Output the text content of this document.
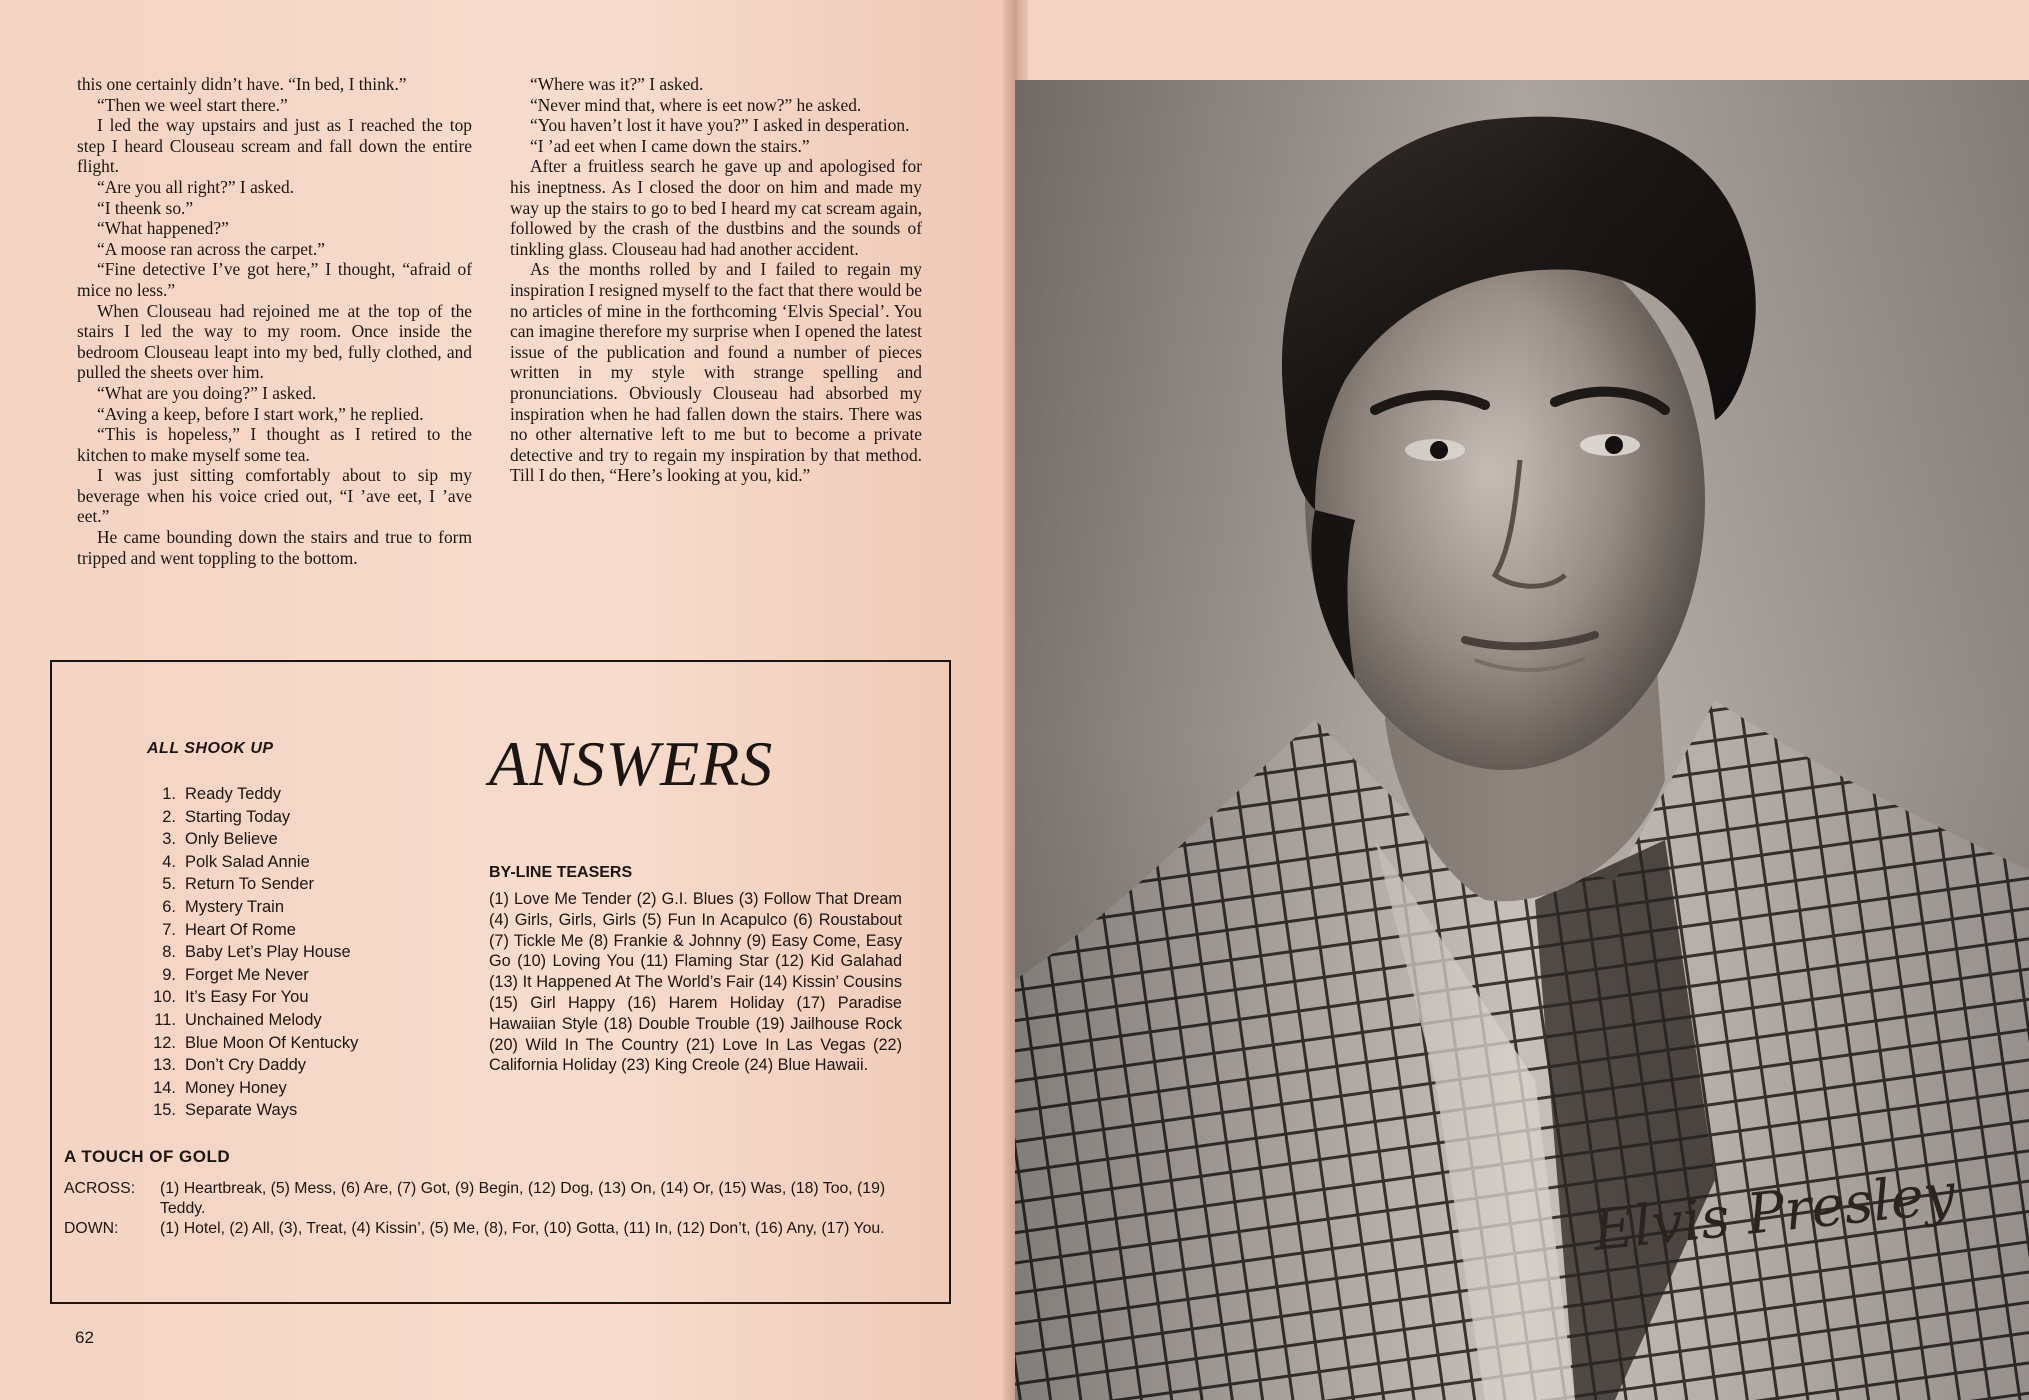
this one certainly didn’t have. “In bed, I think.”

“Then we weel start there.”

I led the way upstairs and just as I reached the top step I heard Clouseau scream and fall down the entire flight.

“Are you all right?” I asked.

“I theenk so.”

“What happened?”

“A moose ran across the carpet.”

“Fine detective I’ve got here,” I thought, “afraid of mice no less.”

When Clouseau had rejoined me at the top of the stairs I led the way to my room. Once inside the bedroom Clouseau leapt into my bed, fully clothed, and pulled the sheets over him.

“What are you doing?” I asked.

“Aving a keep, before I start work,” he replied.

“This is hopeless,” I thought as I retired to the kitchen to make myself some tea.

I was just sitting comfortably about to sip my beverage when his voice cried out, “I ’ave eet, I ’ave eet.”

He came bounding down the stairs and true to form tripped and went toppling to the bottom.

“Where was it?” I asked.

“Never mind that, where is eet now?” he asked.

“You haven’t lost it have you?” I asked in desperation.

“I ’ad eet when I came down the stairs.”

After a fruitless search he gave up and apologised for his ineptness. As I closed the door on him and made my way up the stairs to go to bed I heard my cat scream again, followed by the crash of the dustbins and the sounds of tinkling glass. Clouseau had had another accident.

As the months rolled by and I failed to regain my inspiration I resigned myself to the fact that there would be no articles of mine in the forthcoming ‘Elvis Special’. You can imagine therefore my surprise when I opened the latest issue of the publication and found a number of pieces written in my style with strange spelling and pronunciations. Obviously Clouseau had absorbed my inspiration when he had fallen down the stairs. There was no other alternative left to me but to become a private detective and try to regain my inspiration by that method. Till I do then, “Here’s looking at you, kid.”

ALL SHOOK UP
1. Ready Teddy
2. Starting Today
3. Only Believe
4. Polk Salad Annie
5. Return To Sender
6. Mystery Train
7. Heart Of Rome
8. Baby Let’s Play House
9. Forget Me Never
10. It’s Easy For You
11. Unchained Melody
12. Blue Moon Of Kentucky
13. Don’t Cry Daddy
14. Money Honey
15. Separate Ways
ANSWERS
BY-LINE TEASERS
(1) Love Me Tender (2) G.I. Blues (3) Follow That Dream (4) Girls, Girls, Girls (5) Fun In Acapulco (6) Roustabout (7) Tickle Me (8) Frankie & Johnny (9) Easy Come, Easy Go (10) Loving You (11) Flaming Star (12) Kid Galahad (13) It Happened At The World’s Fair (14) Kissin’ Cousins (15) Girl Happy (16) Harem Holiday (17) Paradise Hawaiian Style (18) Double Trouble (19) Jailhouse Rock (20) Wild In The Country (21) Love In Las Vegas (22) California Holiday (23) King Creole (24) Blue Hawaii.
A TOUCH OF GOLD
ACROSS:	(1) Heartbreak, (5) Mess, (6) Are, (7) Got, (9) Begin, (12) Dog, (13) On, (14) Or, (15) Was, (18) Too, (19) Teddy.
DOWN:	(1) Hotel, (2) All, (3), Treat, (4) Kissin’, (5) Me, (8), For, (10) Gotta, (11) In, (12) Don’t, (16) Any, (17) You.
62
Elvis Presley
